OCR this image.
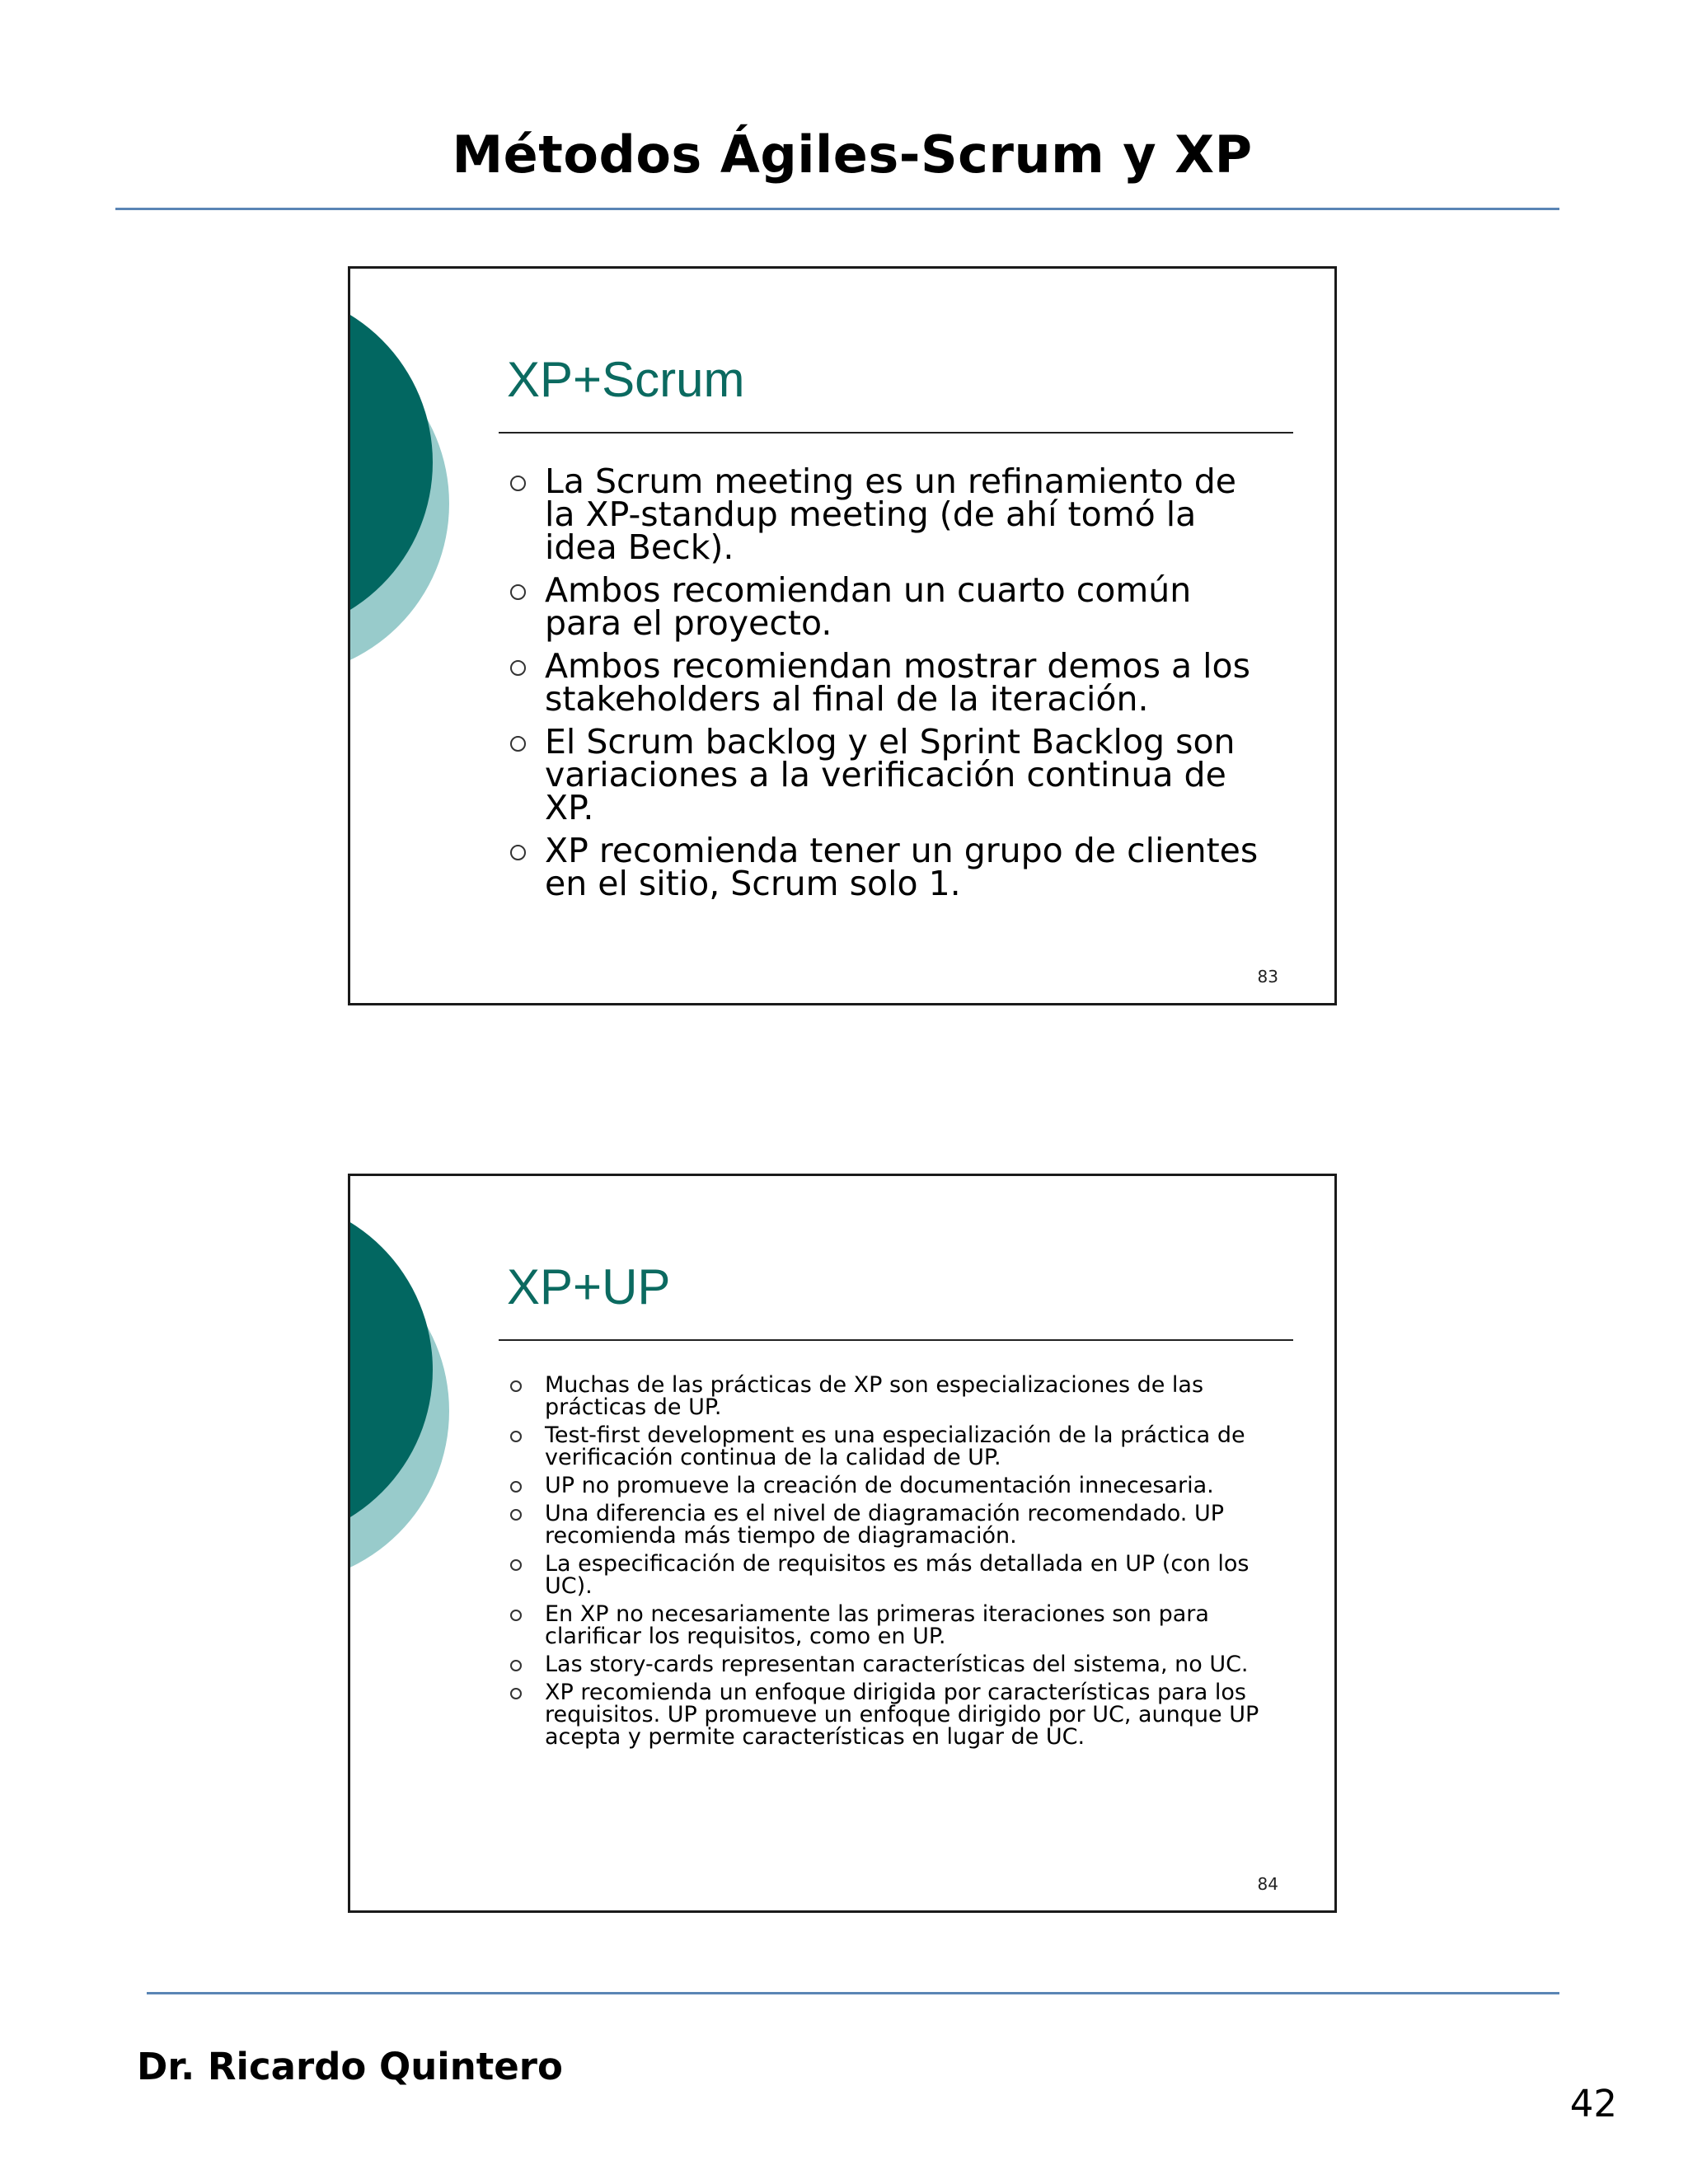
Métodos Ágiles-Scrum y XP
XP+Scrum
La Scrum meeting es un refinamiento de la XP-standup meeting (de ahí tomó la idea Beck).
Ambos recomiendan un cuarto común para el proyecto.
Ambos recomiendan mostrar demos a los stakeholders al final de la iteración.
El Scrum backlog y el Sprint Backlog son variaciones a la verificación continua de XP.
XP recomienda tener un grupo de clientes en el sitio, Scrum solo 1.
83
XP+UP
Muchas de las prácticas de XP son especializaciones de las prácticas de UP.
Test-first development es una especialización de la práctica de verificación continua de la calidad de UP.
UP no promueve la creación de documentación innecesaria.
Una diferencia es el nivel de diagramación recomendado. UP recomienda más tiempo de diagramación.
La especificación de requisitos es más detallada en UP (con los UC).
En XP no necesariamente las primeras iteraciones son para clarificar los requisitos, como en UP.
Las story-cards representan características del sistema, no UC.
XP recomienda un enfoque dirigida por características para los requisitos. UP promueve un enfoque dirigido por UC, aunque UP acepta y permite características en lugar de UC.
84
Dr. Ricardo Quintero
42
